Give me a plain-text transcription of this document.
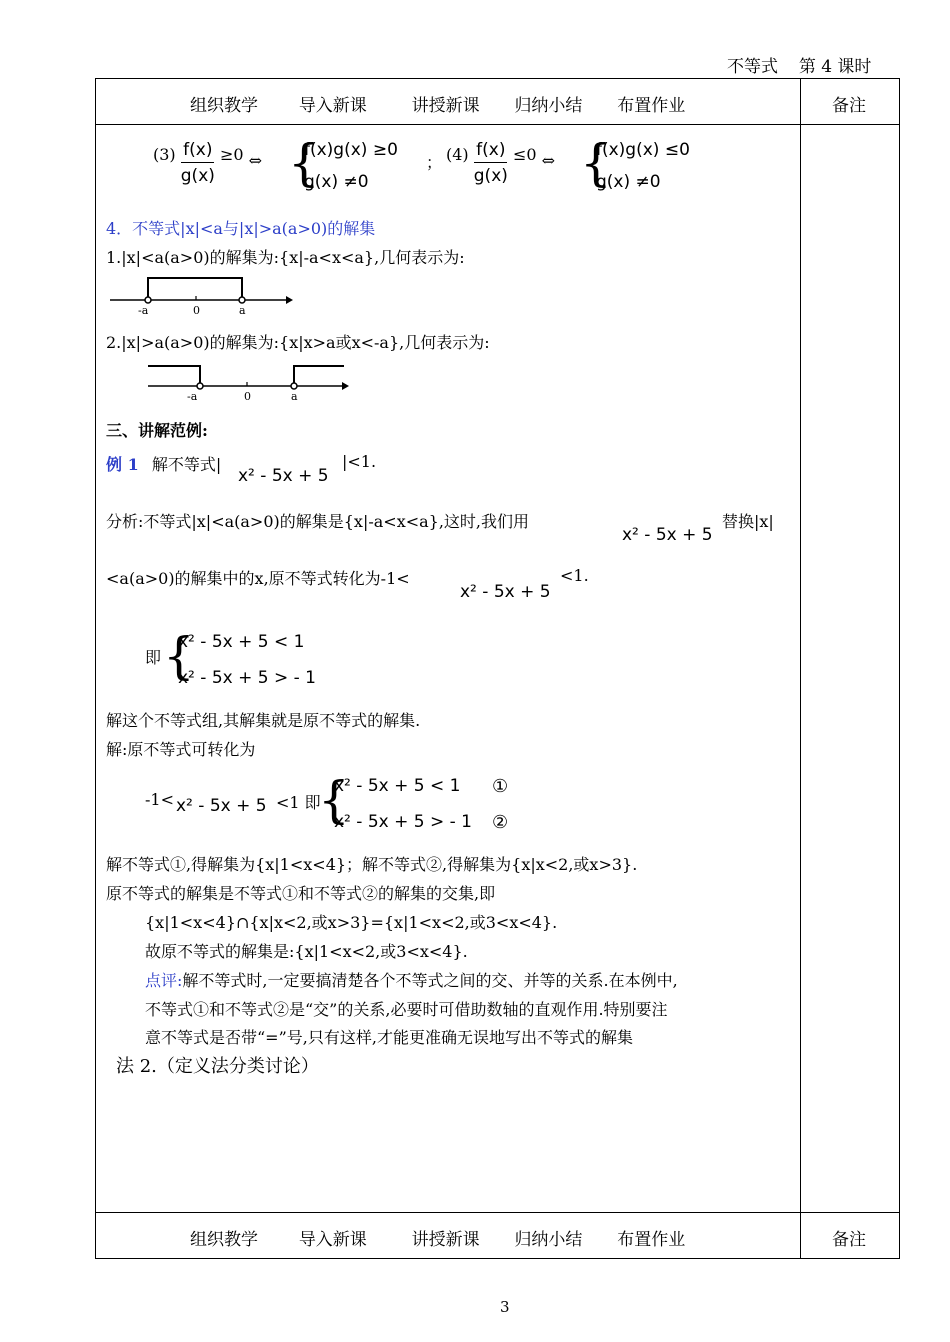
不等式 第 4 课时
组织教学 导入新课	讲授新课 归纳小结 布置作业	备注
$(3) \frac{f(x)}{g(x)} \ge 0$ ⇔ {
f(x)g(x) ≥0
g(x) ≠0
； $(4) \frac{f(x)}{g(x)} \le 0$ ⇔ {
f(x)g(x) ≤0
g(x) ≠0
4．不等式|x|<a与|x|>a(a>0)的解集
1.|x|<a(a>0)的解集为:{x|-a<x<a},几何表示为:
-a	0	a
2.|x|>a(a>0)的解集为:{x|x>a或x<-a},几何表示为:
-a	0	a
三、讲解范例:
例 1 解不等式|
x² - 5x + 5
|<1.
分析:不等式|x|<a(a>0)的解集是{x|-a<x<a},这时,我们用
x² - 5x + 5
替换|x|
<a(a>0)的解集中的x,原不等式转化为-1<
x² - 5x + 5
<1.
即 {
x² - 5x + 5 < 1
x² - 5x + 5 > - 1
解这个不等式组,其解集就是原不等式的解集.
解:原不等式可转化为
-1< x² - 5x + 5 <1 即
{
x² - 5x + 5 < 1
x² - 5x + 5 > - 1
①
②
解不等式①,得解集为{x|1<x<4}；解不等式②,得解集为{x|x<2,或x>3}.
原不等式的解集是不等式①和不等式②的解集的交集,即
{x|1<x<4}∩{x|x<2,或x>3}={x|1<x<2,或3<x<4}.
故原不等式的解集是:{x|1<x<2,或3<x<4}.
点评:解不等式时,一定要搞清楚各个不等式之间的交、并等的关系.在本例中,
不等式①和不等式②是“交”的关系,必要时可借助数轴的直观作用.特别要注
意不等式是否带“=”号,只有这样,才能更准确无误地写出不等式的解集
法 2.（定义法分类讨论）
组织教学 导入新课	讲授新课 归纳小结 布置作业	备注
3
